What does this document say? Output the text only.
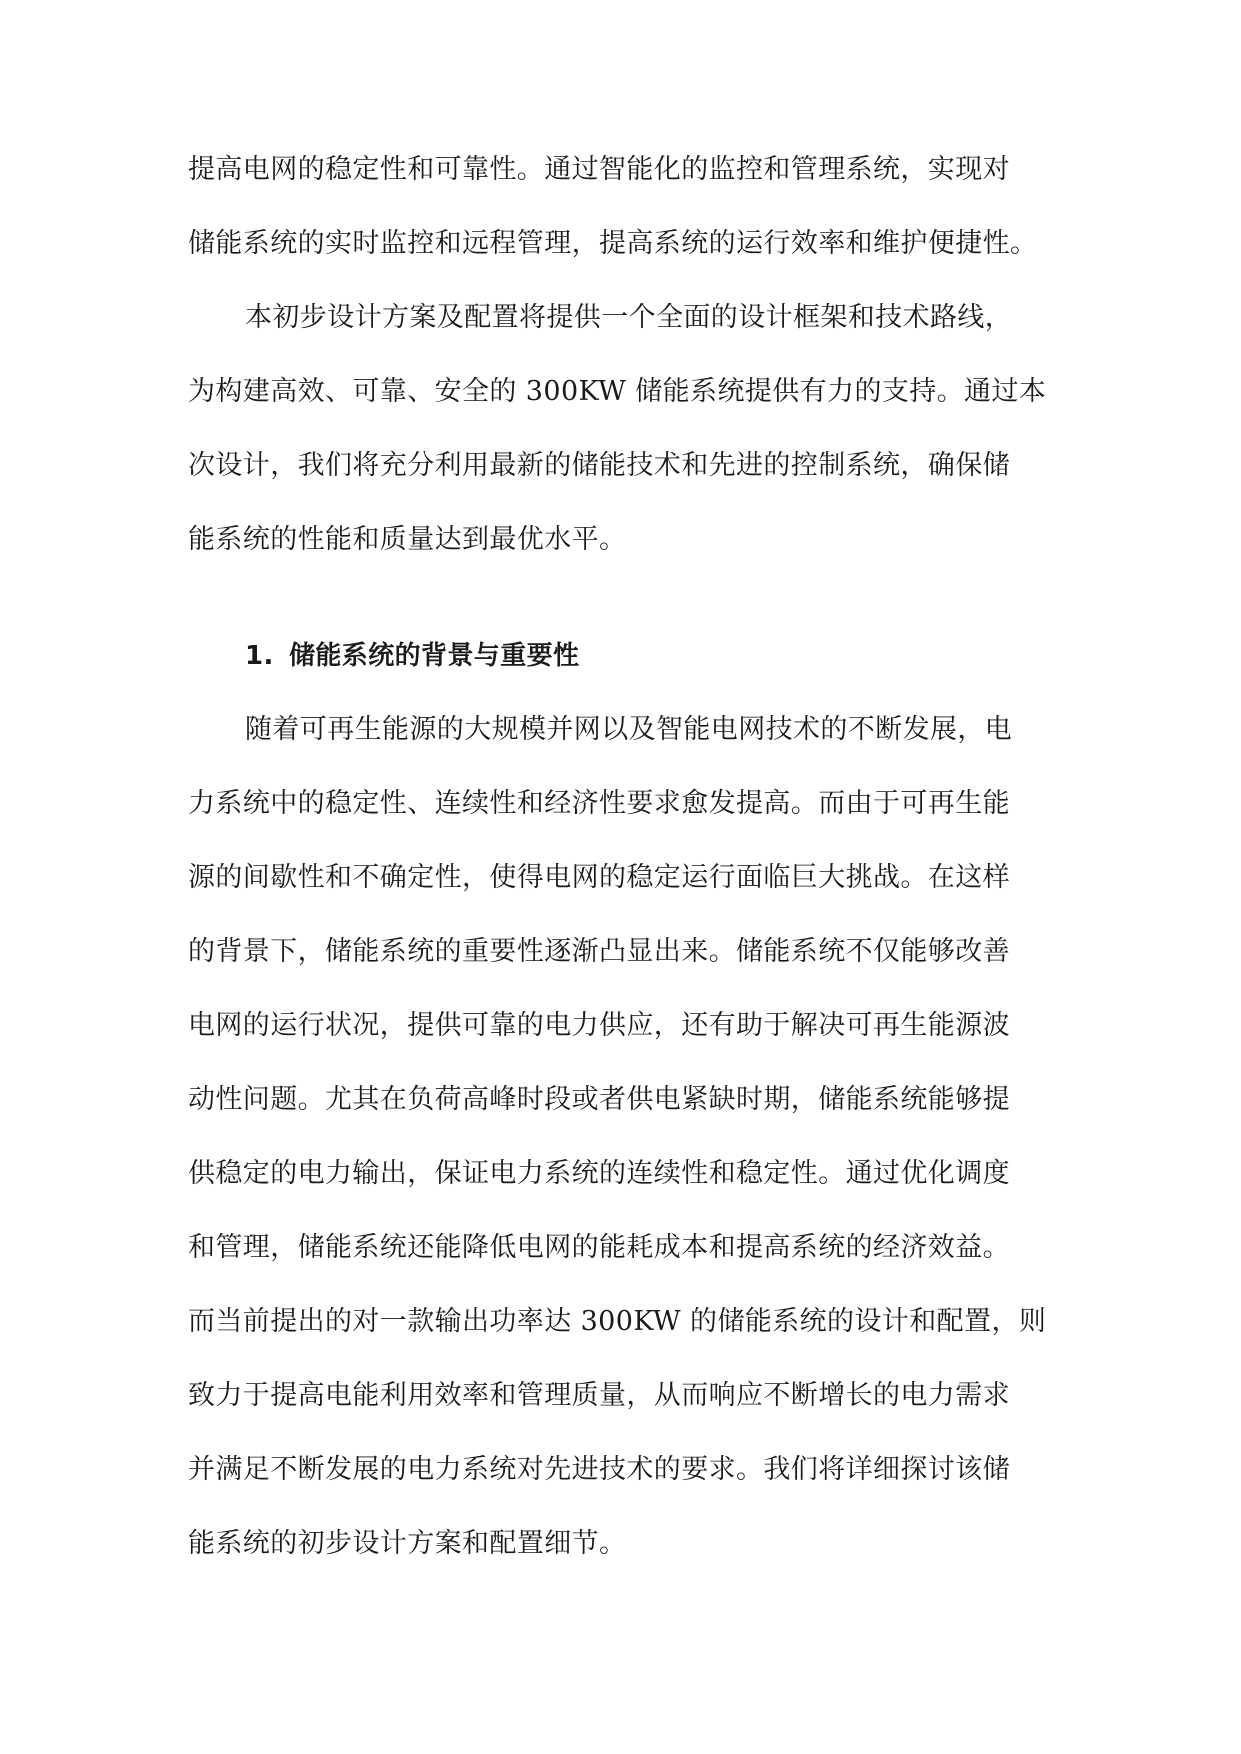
提高电网的稳定性和可靠性。通过智能化的监控和管理系统，实现对
储能系统的实时监控和远程管理，提高系统的运行效率和维护便捷性。
本初步设计方案及配置将提供一个全面的设计框架和技术路线，
为构建高效、可靠、安全的 300KW 储能系统提供有力的支持。通过本
次设计，我们将充分利用最新的储能技术和先进的控制系统，确保储
能系统的性能和质量达到最优水平。
1. 储能系统的背景与重要性
随着可再生能源的大规模并网以及智能电网技术的不断发展，电
力系统中的稳定性、连续性和经济性要求愈发提高。而由于可再生能
源的间歇性和不确定性，使得电网的稳定运行面临巨大挑战。在这样
的背景下，储能系统的重要性逐渐凸显出来。储能系统不仅能够改善
电网的运行状况，提供可靠的电力供应，还有助于解决可再生能源波
动性问题。尤其在负荷高峰时段或者供电紧缺时期，储能系统能够提
供稳定的电力输出，保证电力系统的连续性和稳定性。通过优化调度
和管理，储能系统还能降低电网的能耗成本和提高系统的经济效益。
而当前提出的对一款输出功率达 300KW 的储能系统的设计和配置，则
致力于提高电能利用效率和管理质量，从而响应不断增长的电力需求
并满足不断发展的电力系统对先进技术的要求。我们将详细探讨该储
能系统的初步设计方案和配置细节。
